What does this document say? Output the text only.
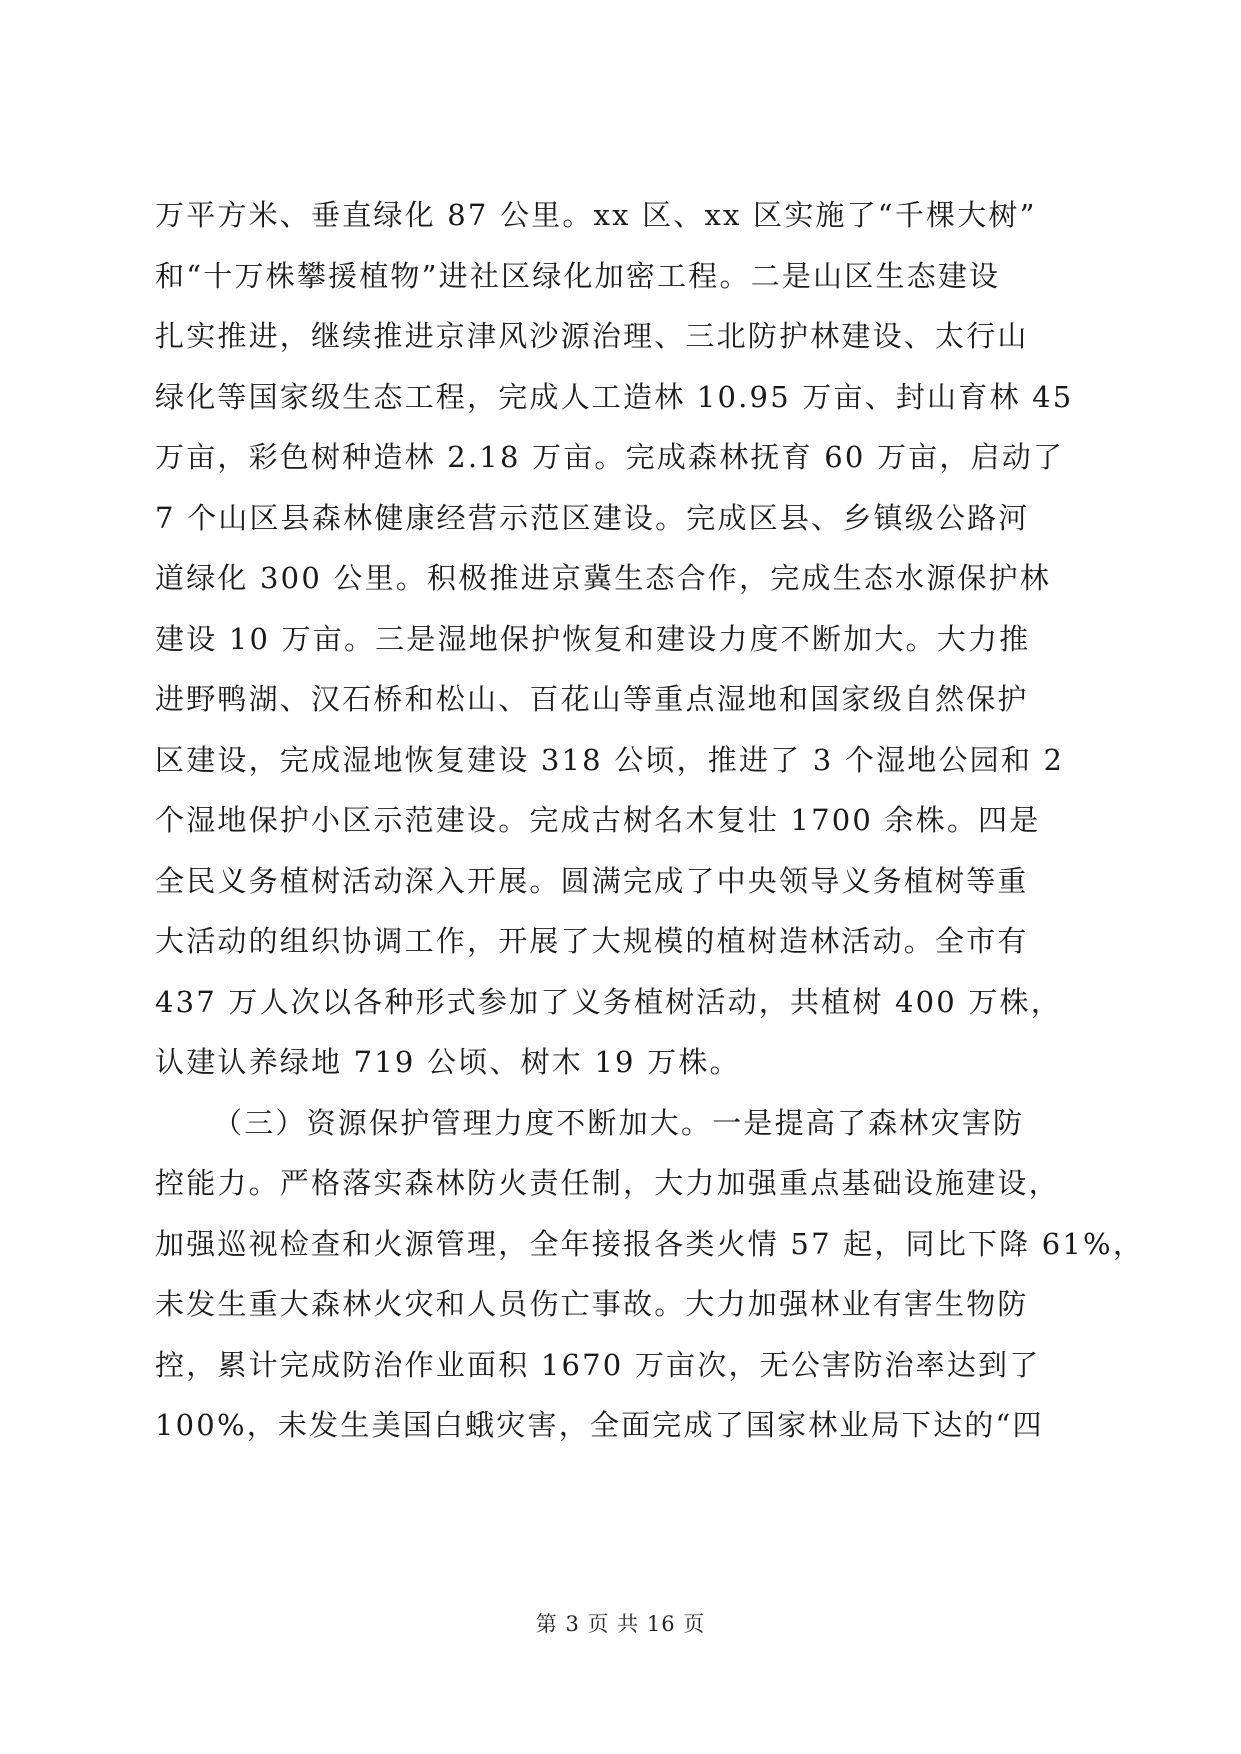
万平方米、垂直绿化 87 公里。xx 区、xx 区实施了“千棵大树”
和“十万株攀援植物”进社区绿化加密工程。二是山区生态建设
扎实推进，继续推进京津风沙源治理、三北防护林建设、太行山
绿化等国家级生态工程，完成人工造林 10.95 万亩、封山育林 45
万亩，彩色树种造林 2.18 万亩。完成森林抚育 60 万亩，启动了
7 个山区县森林健康经营示范区建设。完成区县、乡镇级公路河
道绿化 300 公里。积极推进京冀生态合作，完成生态水源保护林
建设 10 万亩。三是湿地保护恢复和建设力度不断加大。大力推
进野鸭湖、汉石桥和松山、百花山等重点湿地和国家级自然保护
区建设，完成湿地恢复建设 318 公顷，推进了 3 个湿地公园和 2
个湿地保护小区示范建设。完成古树名木复壮 1700 余株。四是
全民义务植树活动深入开展。圆满完成了中央领导义务植树等重
大活动的组织协调工作，开展了大规模的植树造林活动。全市有
437 万人次以各种形式参加了义务植树活动，共植树 400 万株，
认建认养绿地 719 公顷、树木 19 万株。
（三）资源保护管理力度不断加大。一是提高了森林灾害防
控能力。严格落实森林防火责任制，大力加强重点基础设施建设，
加强巡视检查和火源管理，全年接报各类火情 57 起，同比下降 61%，
未发生重大森林火灾和人员伤亡事故。大力加强林业有害生物防
控，累计完成防治作业面积 1670 万亩次，无公害防治率达到了
100%，未发生美国白蛾灾害，全面完成了国家林业局下达的“四
第 3 页 共 16 页
